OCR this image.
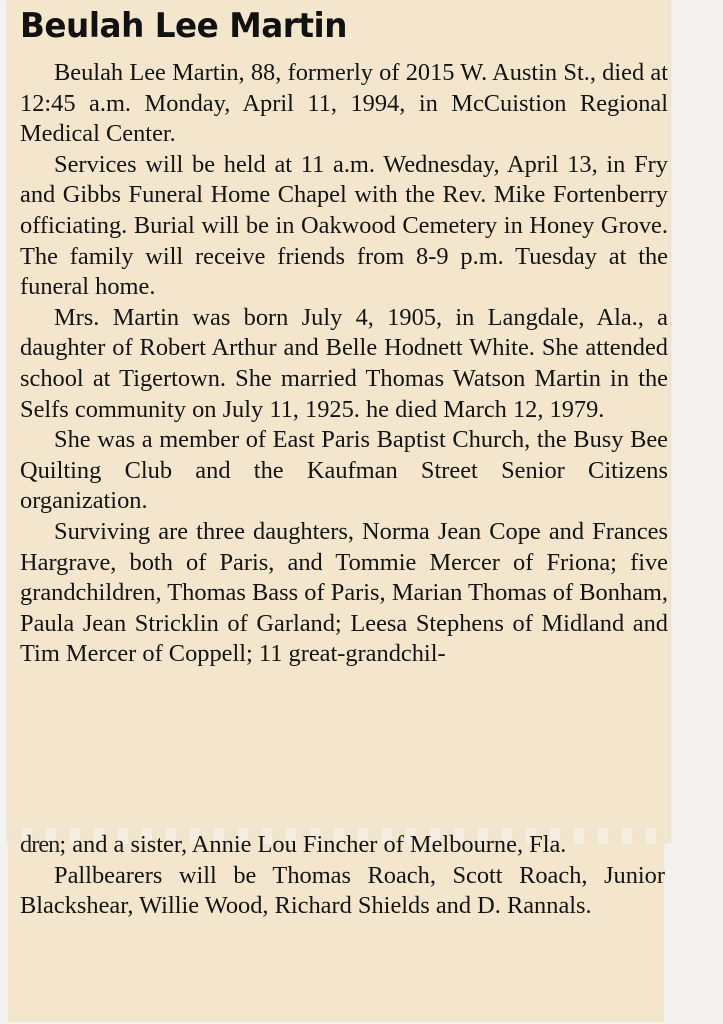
Beulah Lee Martin

Beulah Lee Martin, 88, formerly of 2015 W. Austin St., died at 12:45 a.m. Monday, April 11, 1994, in McCuistion Regional Medical Center.

Services will be held at 11 a.m. Wednesday, April 13, in Fry and Gibbs Funeral Home Chapel with the Rev. Mike Fortenberry officiating. Burial will be in Oakwood Cemetery in Honey Grove. The family will receive friends from 8-9 p.m. Tuesday at the funeral home.

Mrs. Martin was born July 4, 1905, in Langdale, Ala., a daughter of Robert Arthur and Belle Hodnett White. She attended school at Tigertown. She married Thomas Watson Martin in the Selfs community on July 11, 1925. he died March 12, 1979.

She was a member of East Paris Baptist Church, the Busy Bee Quilting Club and the Kaufman Street Senior Citizens organization.

Surviving are three daughters, Norma Jean Cope and Frances Hargrave, both of Paris, and Tommie Mercer of Friona; five grandchildren, Thomas Bass of Paris, Marian Thomas of Bonham, Paula Jean Stricklin of Garland; Leesa Stephens of Midland and Tim Mercer of Coppell; 11 great-grandchil-

dren; and a sister, Annie Lou Fincher of Melbourne, Fla.

Pallbearers will be Thomas Roach, Scott Roach, Junior Blackshear, Willie Wood, Richard Shields and D. Rannals.
